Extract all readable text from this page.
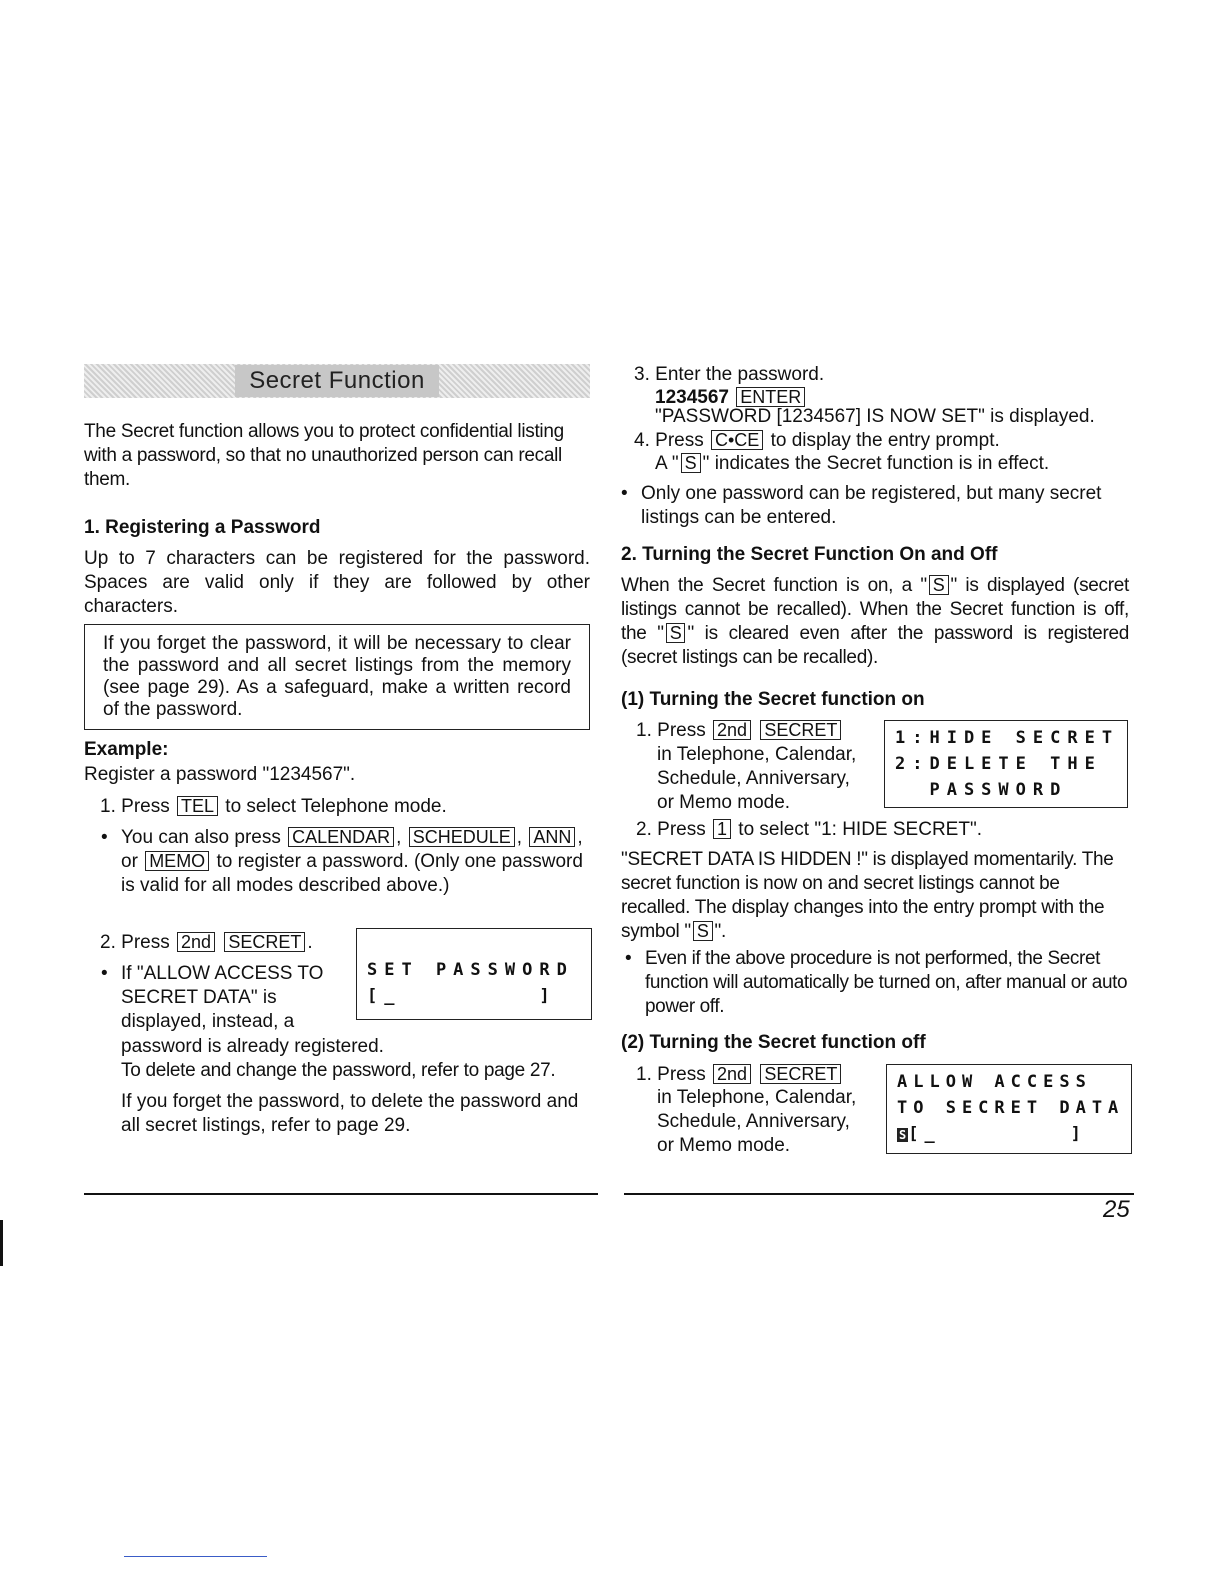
Secret Function

The Secret function allows you to protect confidential listing with a password, so that no unauthorized person can recall them.

1. Registering a Password

Up to 7 characters can be registered for the password. Spaces are valid only if they are followed by other characters.

If you forget the password, it will be necessary to clear the password and all secret listings from the memory (see page 29). As a safeguard, make a written record of the password.

Example:

Register a password "1234567".

1. Press TEL to select Telephone mode.

• You can also press CALENDAR , SCHEDULE , ANN , or MEMO to register a password. (Only one password is valid for all modes described above.)

2. Press 2nd SECRET .

• If "ALLOW ACCESS TO SECRET DATA" is displayed, instead, a

password is already registered.

To delete and change the password, refer to page 27.

If you forget the password, to delete the password and all secret listings, refer to page 29.

SET PASSWORD
[_        ]

3. Enter the password.

1234567 ENTER

"PASSWORD [1234567] IS NOW SET" is displayed.

4. Press C•CE to display the entry prompt.

A " S " indicates the Secret function is in effect.

• Only one password can be registered, but many secret listings can be entered.

2. Turning the Secret Function On and Off

When the Secret function is on, a " S " is displayed (secret listings cannot be recalled). When the Secret function is off, the " S " is cleared even after the password is registered (secret listings can be recalled).

(1) Turning the Secret function on

1. Press 2nd SECRET

in Telephone, Calendar, Schedule, Anniversary, or Memo mode.

1:HIDE SECRET
2:DELETE THE
PASSWORD

2. Press 1 to select "1: HIDE SECRET".

"SECRET DATA IS HIDDEN !" is displayed momentarily. The secret function is now on and secret listings cannot be recalled. The display changes into the entry prompt with the symbol " S ".

• Even if the above procedure is not performed, the Secret function will automatically be turned on, after manual or auto power off.

(2) Turning the Secret function off

1. Press 2nd SECRET

in Telephone, Calendar, Schedule, Anniversary, or Memo mode.

ALLOW ACCESS
TO SECRET DATA
S [_        ]

25
